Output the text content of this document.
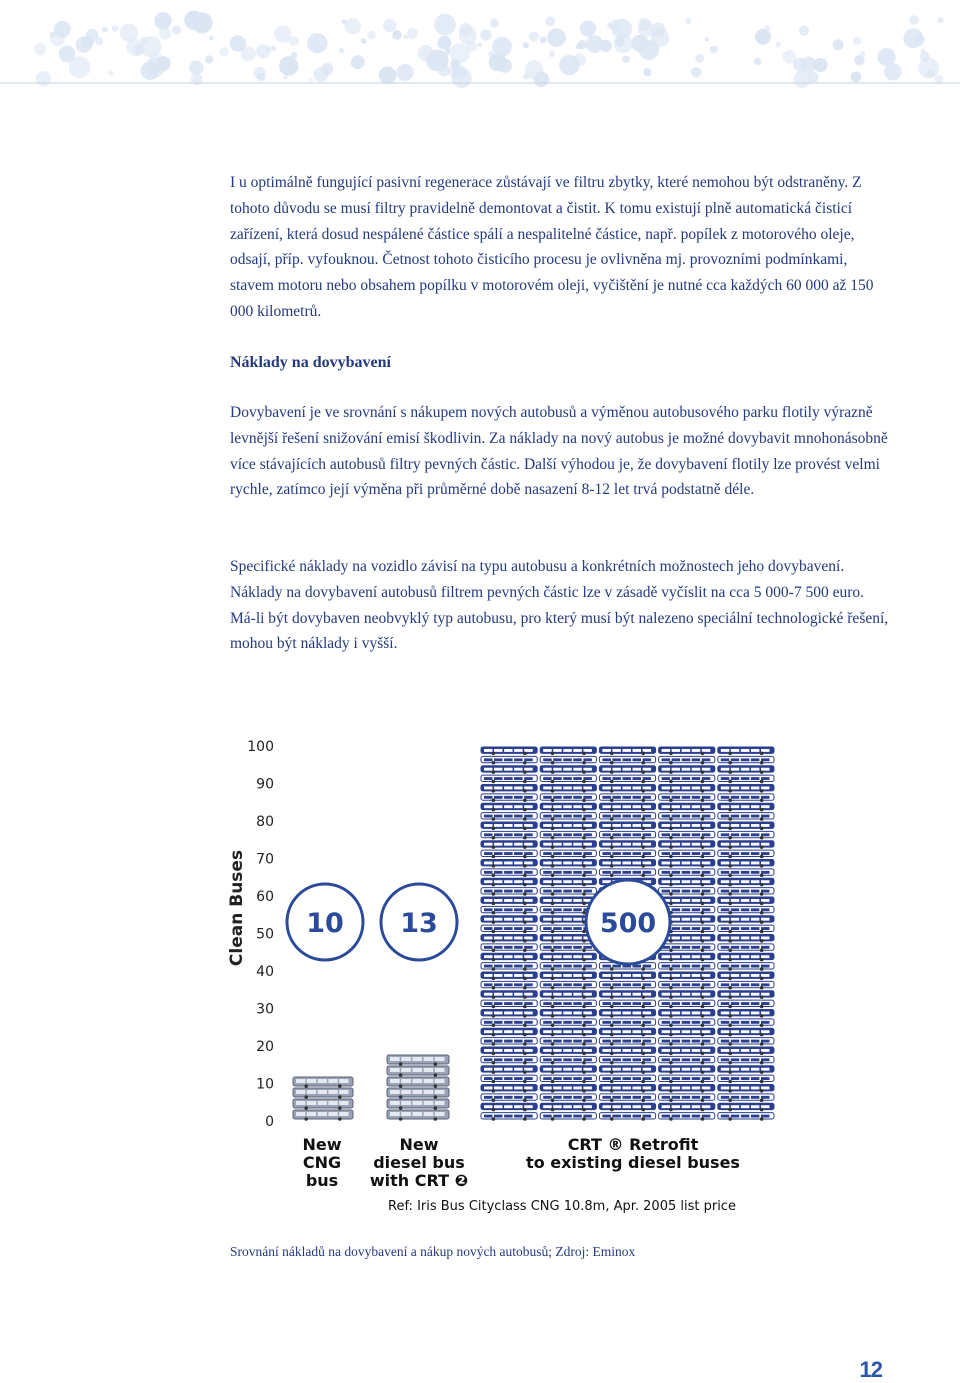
I u optimálně fungující pasivní regenerace zůstávají ve filtru zbytky, které nemohou být odstraněny. Z tohoto důvodu se musí filtry pravidelně demontovat a čistit. K tomu existují plně automatická čisticí zařízení, která dosud nespálené částice spálí a nespalitelné částice, např. popílek z motorového oleje, odsají, příp. vyfouknou. Četnost tohoto čisticího procesu je ovlivněna mj. provozními podmínkami, stavem motoru nebo obsahem popílku v motorovém oleji, vyčištění je nutné cca každých 60 000 až 150 000 kilometrů.

Náklady na dovybavení

Dovybavení je ve srovnání s nákupem nových autobusů a výměnou autobusového parku flotily výrazně levnější řešení snižování emisí škodlivin. Za náklady na nový autobus je možné dovybavit mnohonásobně více stávajících autobusů filtry pevných částic. Další výhodou je, že dovybavení flotily lze provést velmi rychle, zatímco její výměna při průměrné době nasazení 8-12 let trvá podstatně déle.

Specifické náklady na vozidlo závisí na typu autobusu a konkrétních možnostech jeho dovybavení. Náklady na dovybavení autobusů filtrem pevných částic lze v zásadě vyčíslit na cca 5 000-7 500 euro. Má-li být dovybaven neobvyklý typ autobusu, pro který musí být nalezeno speciální technologické řešení, mohou být náklady i vyšší.

100
90
80
70
60
50
40
30
20
10
0
Clean Buses 10 13	500
New
CNG
bus
New
diesel bus
with CRT ❷
CRT ® Retrofit
to existing diesel buses
Ref: Iris Bus Cityclass CNG 10.8m, Apr. 2005 list price
Srovnání nákladů na dovybavení a nákup nových autobusů; Zdroj: Eminox
12
